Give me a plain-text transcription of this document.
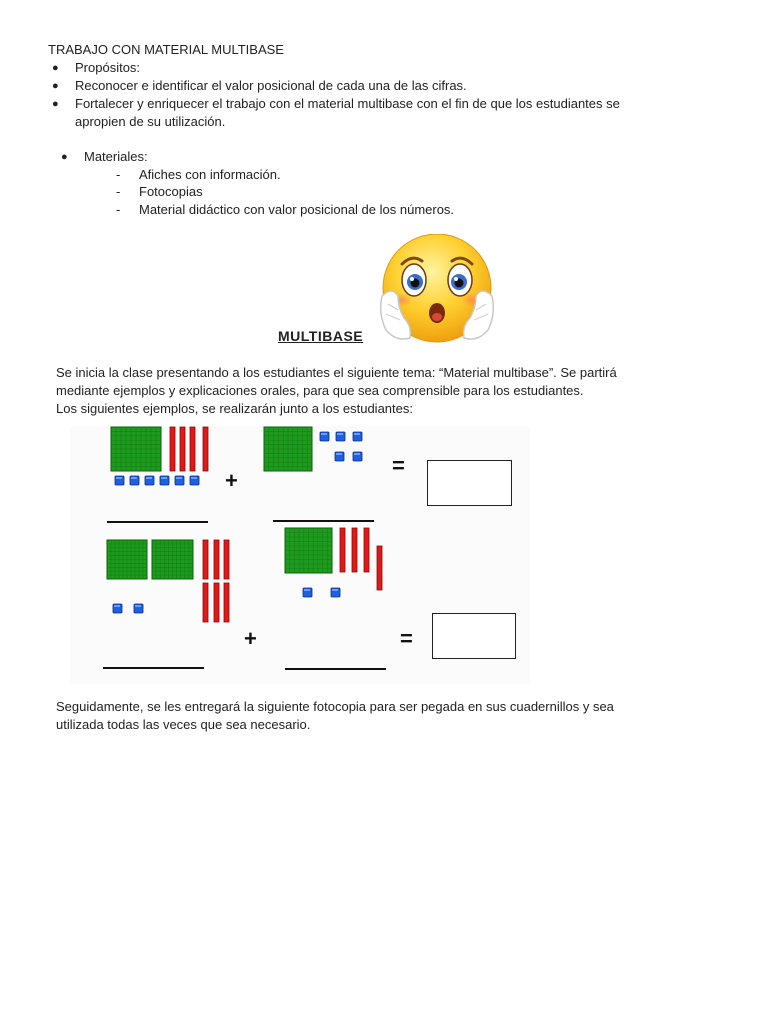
TRABAJO CON MATERIAL MULTIBASE
● Propósitos:
● Reconocer e identificar el valor posicional de cada una de las cifras.
● Fortalecer y enriquecer el trabajo con el material multibase con el fin de que los estudiantes se
apropien de su utilización.
● Materiales:
- Afiches con información.
- Fotocopias
- Material didáctico con valor posicional de los números.
MULTIBASE
Se inicia la clase presentando a los estudiantes el siguiente tema: “Material multibase”. Se partirá
mediante ejemplos y explicaciones orales, para que sea comprensible para los estudiantes.
Los siguientes ejemplos, se realizarán junto a los estudiantes:
+
=
+	=
Seguidamente, se les entregará la siguiente fotocopia para ser pegada en sus cuadernillos y sea
utilizada todas las veces que sea necesario.
